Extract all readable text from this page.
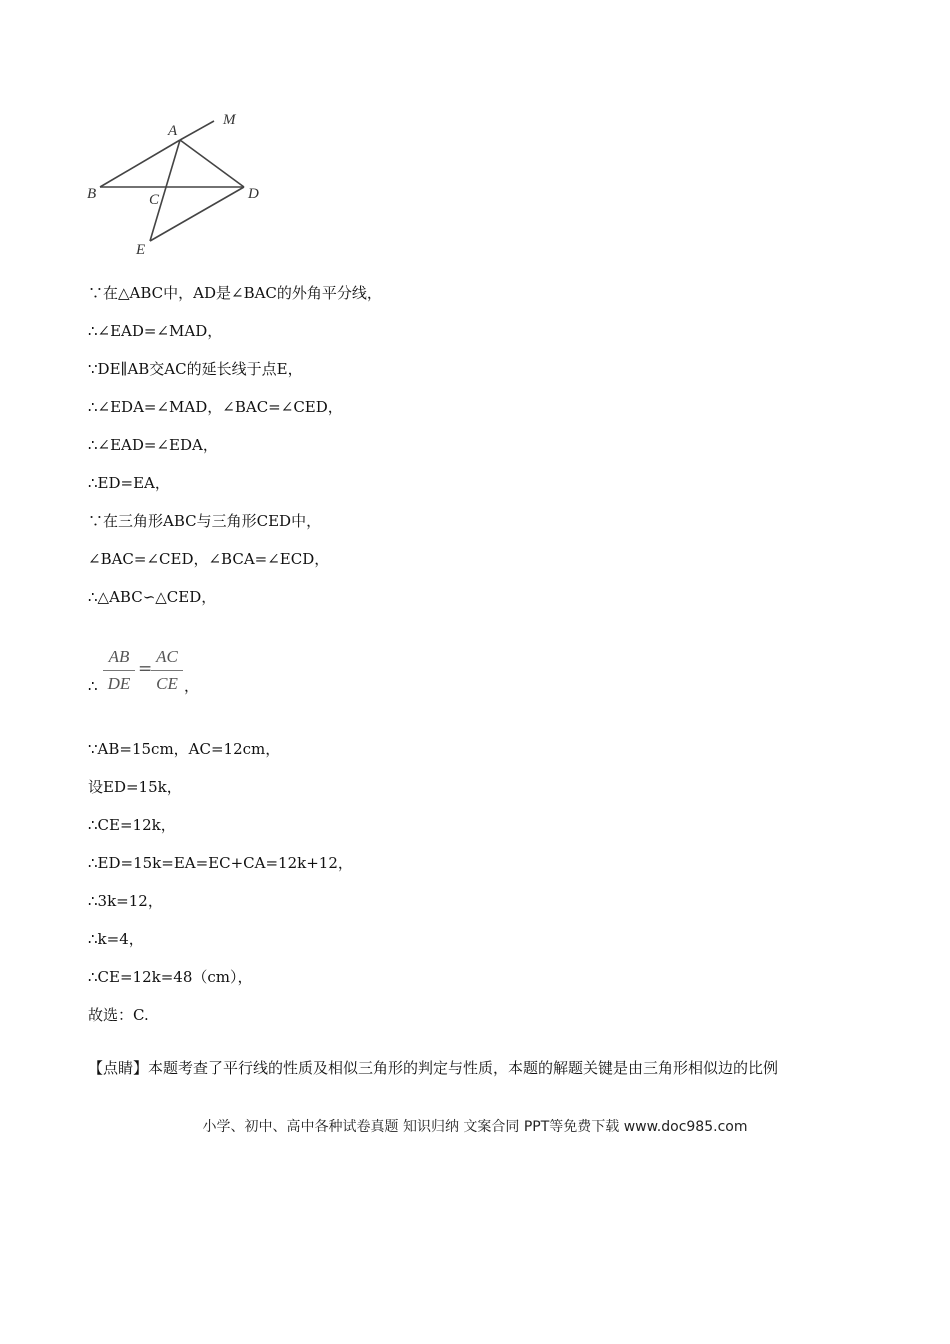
A
M
B	C	D
E
∵在△ABC中，AD是∠BAC的外角平分线，
∴∠EAD=∠MAD，
∵DE∥AB交AC的延长线于点E，
∴∠EDA=∠MAD，∠BAC=∠CED，
∴∠EAD=∠EDA，
∴ED=EA，
∵在三角形ABC与三角形CED中，
∠BAC=∠CED，∠BCA=∠ECD，
∴△ABC∽△CED，
∴
AB
DE
=
AC
CE ，
∵AB=15cm，AC=12cm，
设ED=15k，
∴CE=12k，
∴ED=15k=EA=EC+CA=12k+12，
∴3k=12，
∴k=4，
∴CE=12k=48（cm），
故选：C.
【点睛】本题考查了平行线的性质及相似三角形的判定与性质，本题的解题关键是由三角形相似边的比例
小学、初中、高中各种试卷真题 知识归纳 文案合同 PPT等免费下载 www.doc985.com
